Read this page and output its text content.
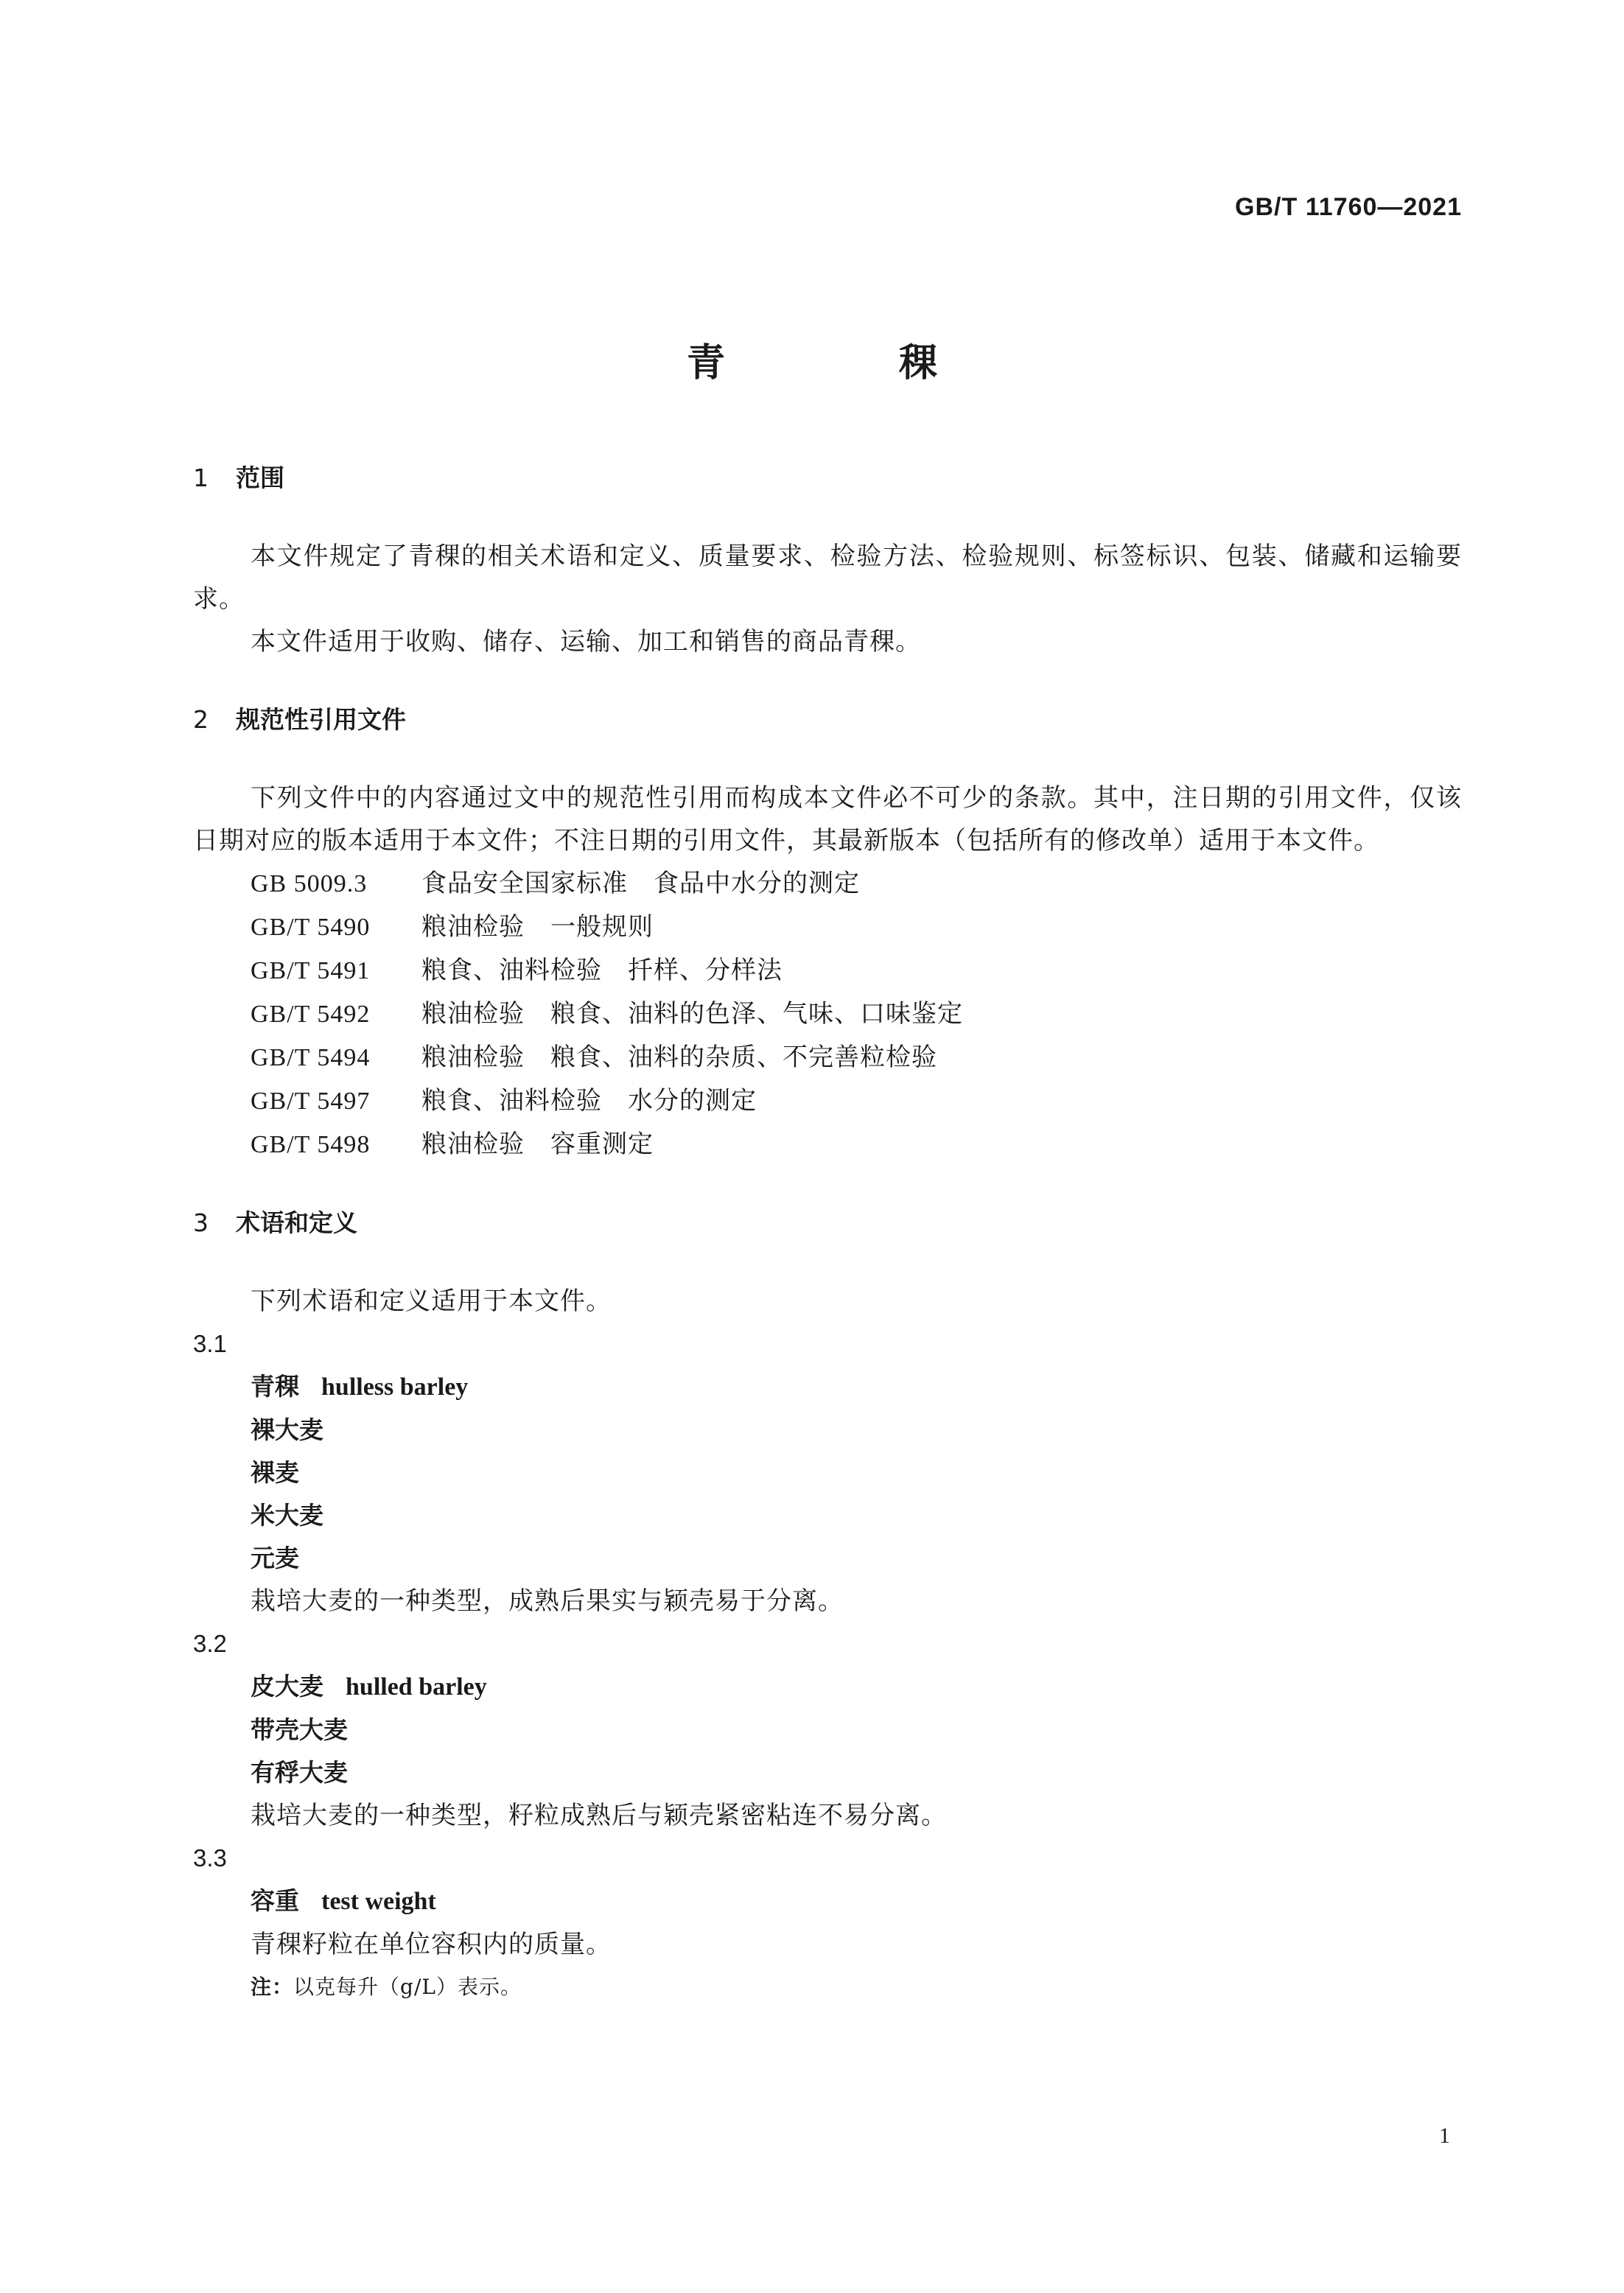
GB/T 11760—2021
青稞

1 范围

本文件规定了青稞的相关术语和定义、质量要求、检验方法、检验规则、标签标识、包装、储藏和运输要求。

本文件适用于收购、储存、运输、加工和销售的商品青稞。

2 规范性引用文件

下列文件中的内容通过文中的规范性引用而构成本文件必不可少的条款。其中，注日期的引用文件，仅该日期对应的版本适用于本文件；不注日期的引用文件，其最新版本（包括所有的修改单）适用于本文件。

GB 5009.3 食品安全国家标准　食品中水分的测定

GB/T 5490 粮油检验　一般规则

GB/T 5491 粮食、油料检验　扦样、分样法

GB/T 5492 粮油检验　粮食、油料的色泽、气味、口味鉴定

GB/T 5494 粮油检验　粮食、油料的杂质、不完善粒检验

GB/T 5497 粮食、油料检验　水分的测定

GB/T 5498 粮油检验　容重测定

3 术语和定义

下列术语和定义适用于本文件。

3.1

青稞 hulless barley

裸大麦

裸麦

米大麦

元麦

栽培大麦的一种类型，成熟后果实与颖壳易于分离。

3.2

皮大麦 hulled barley

带壳大麦

有稃大麦

栽培大麦的一种类型，籽粒成熟后与颖壳紧密粘连不易分离。

3.3

容重 test weight

青稞籽粒在单位容积内的质量。

注：以克每升（g/L）表示。

1
